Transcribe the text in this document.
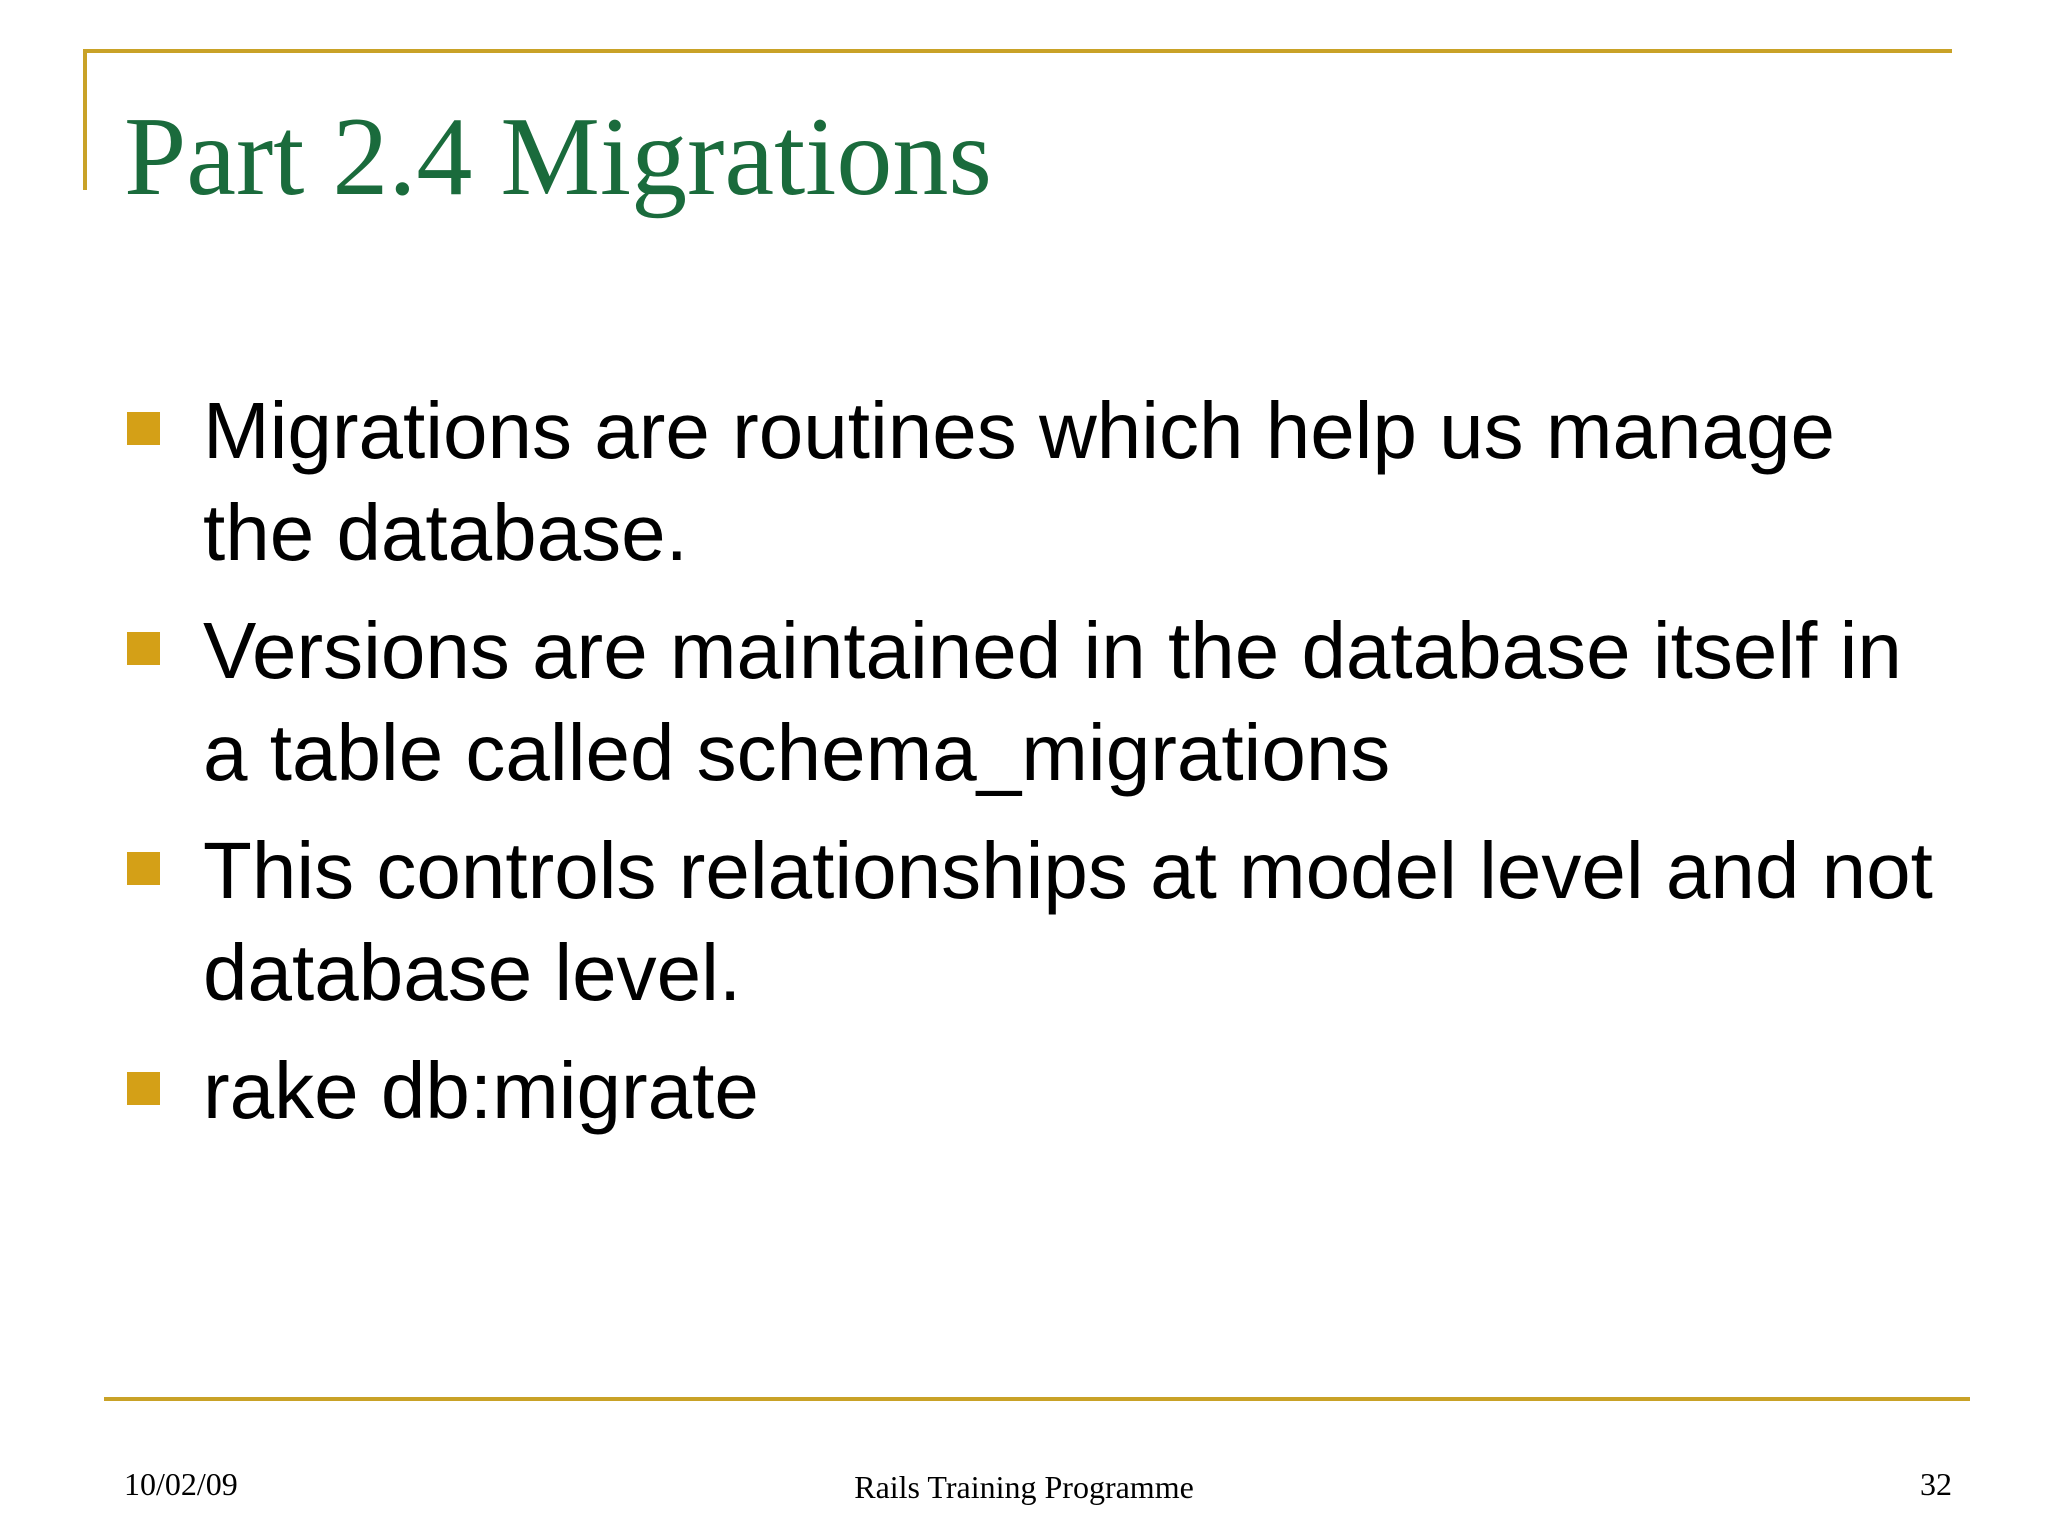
Part 2.4 Migrations
Migrations are routines which help us manage the database.
Versions are maintained in the database itself in a table called schema_migrations
This controls relationships at model level and not database level.
rake db:migrate

10/02/09	Rails Training Programme	32
